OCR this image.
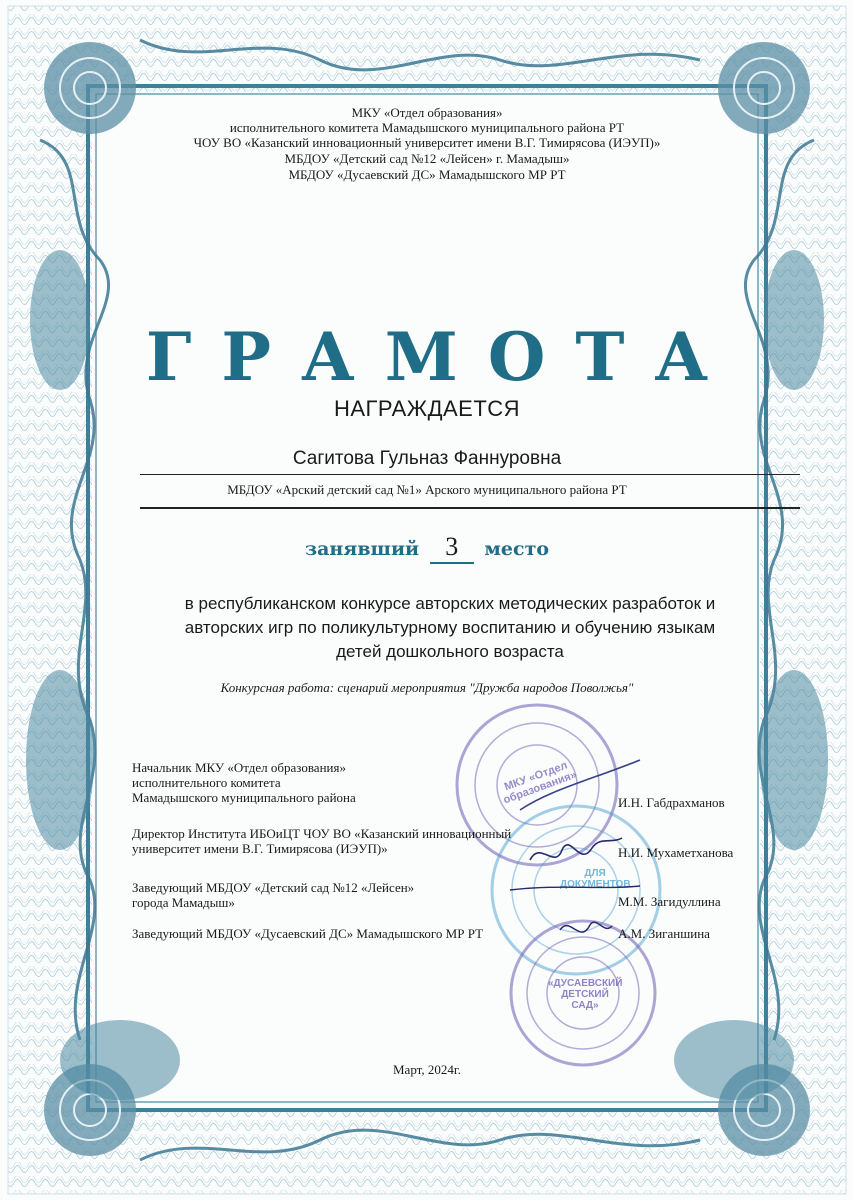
МКУ «Отдел образования»
исполнительного комитета Мамадышского муниципального района РТ
ЧОУ ВО «Казанский инновационный университет имени В.Г. Тимирясова (ИЭУП)»
МБДОУ «Детский сад №12 «Лейсен» г. Мамадыш»
МБДОУ «Дусаевский ДС» Мамадышского МР РТ
ГРАМОТА
НАГРАЖДАЕТСЯ
Сагитова Гульназ Фаннуровна
МБДОУ «Арский детский сад №1» Арского муниципального района РТ
занявший 3 место
в республиканском конкурсе авторских методических разработок и
авторских игр по поликультурному воспитанию и обучению языкам
детей дошкольного возраста
Конкурсная работа: сценарий мероприятия "Дружба народов Поволжья"
МКУ «Отдел образования»
ДЛЯ ДОКУМЕНТОВ
«ДУСАЕВСКИЙ ДЕТСКИЙ САД»
Начальник МКУ «Отдел образования»
исполнительного комитета
Мамадышского муниципального района	И.Н. Габдрахманов
Директор Института ИБОиЦТ ЧОУ ВО «Казанский инновационный
университет имени В.Г. Тимирясова (ИЭУП)»	Н.И. Мухаметханова
Заведующий МБДОУ «Детский сад №12 «Лейсен»
города Мамадыш»	М.М. Загидуллина
Заведующий МБДОУ «Дусаевский ДС» Мамадышского МР РТ	А.М. Зиганшина
Март, 2024г.
